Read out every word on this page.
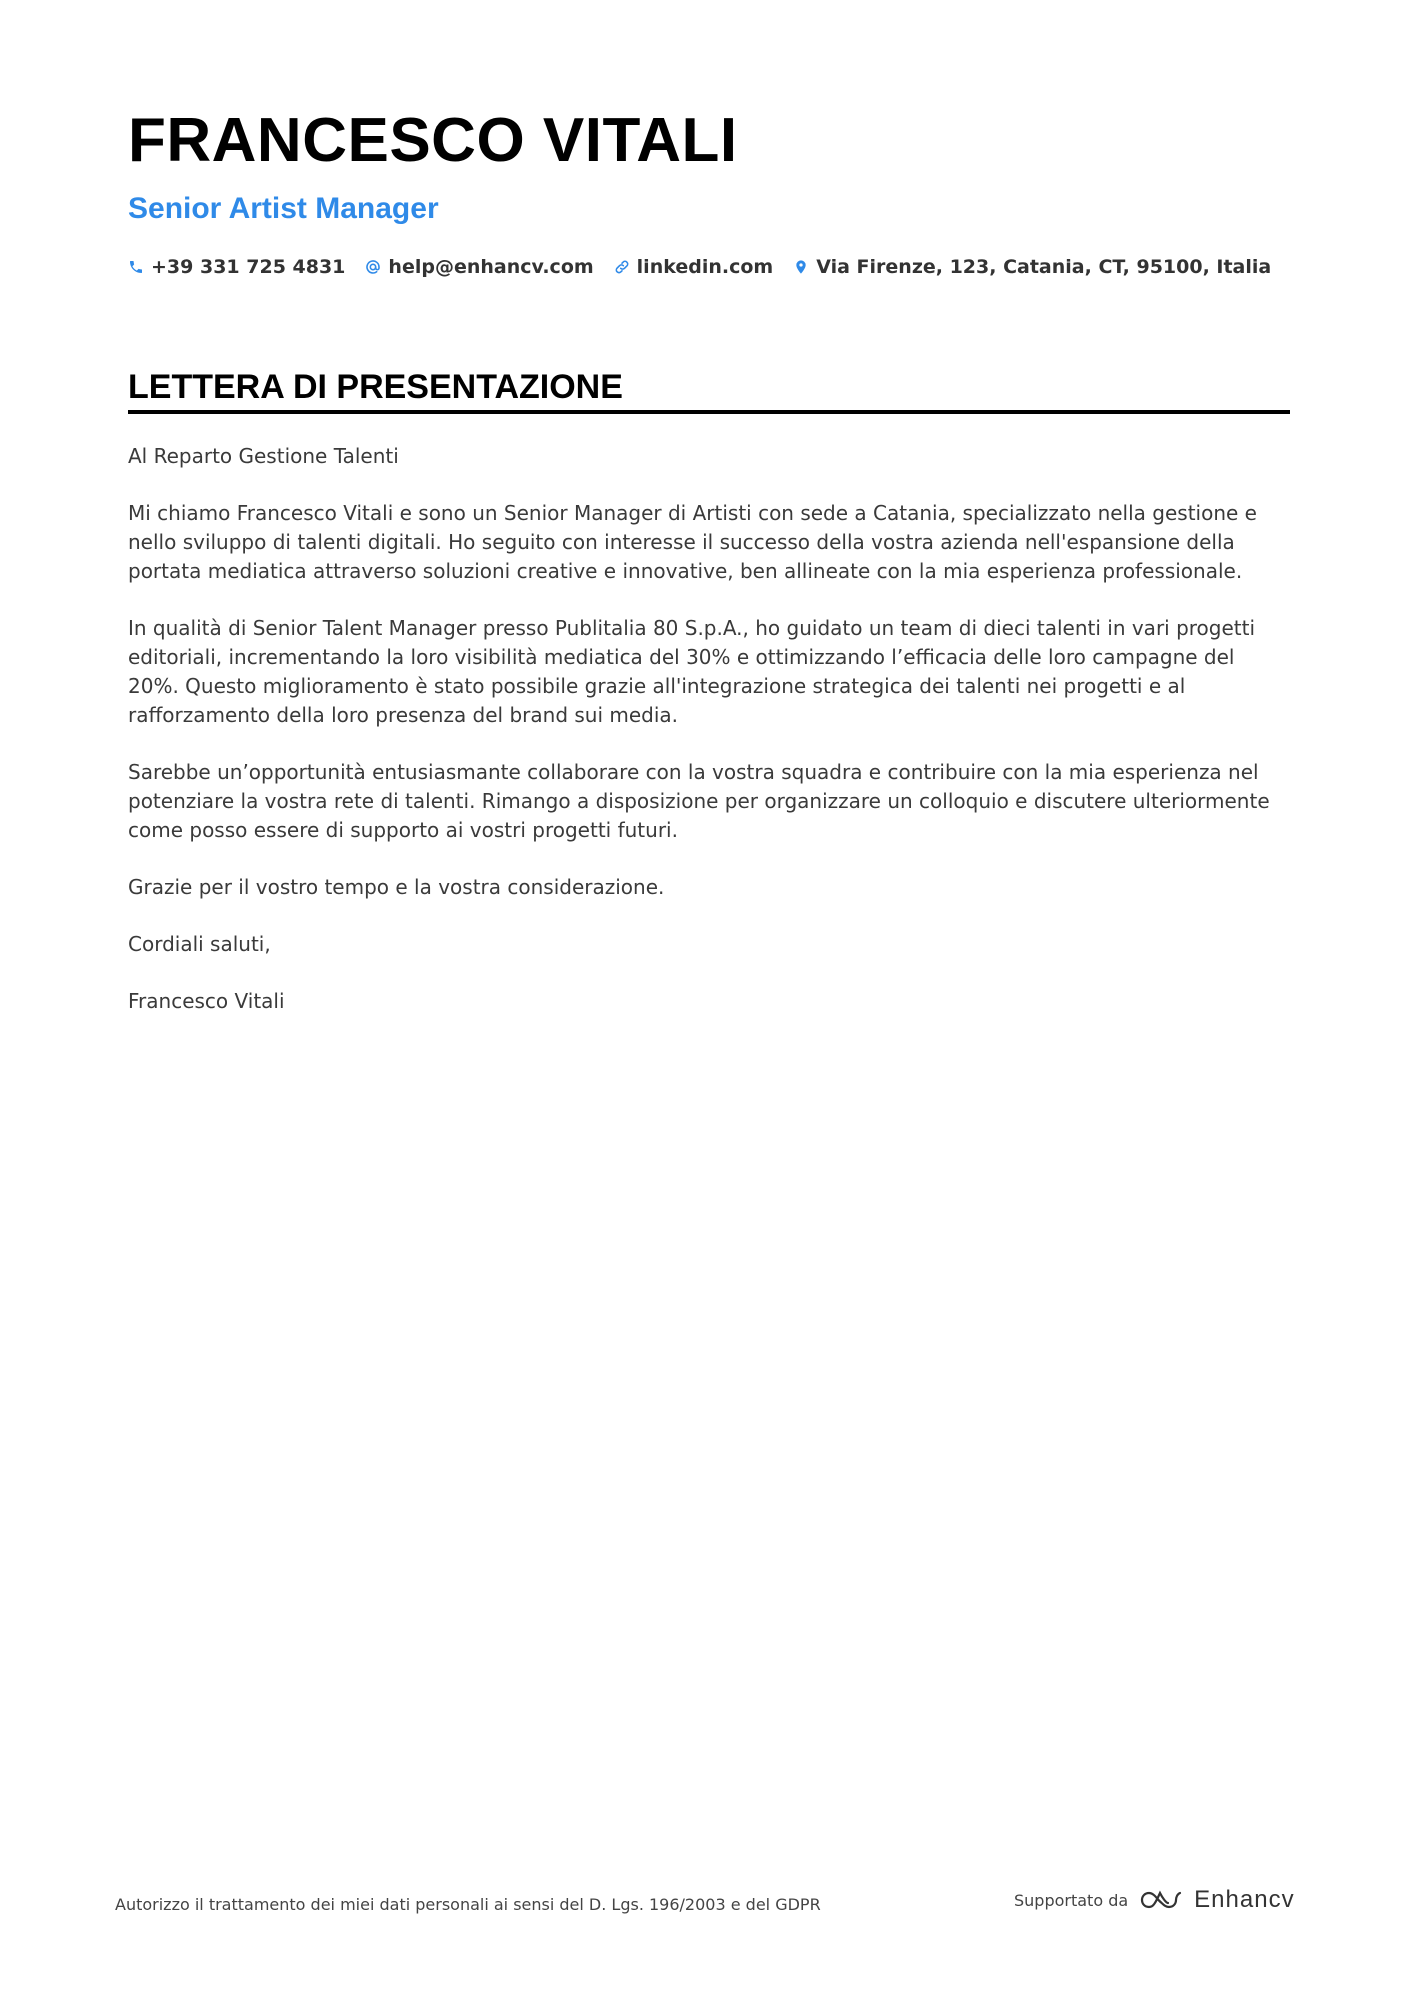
FRANCESCO VITALI
Senior Artist Manager
+39 331 725 4831 help@enhancv.com linkedin.com Via Firenze, 123, Catania, CT, 95100, Italia
LETTERA DI PRESENTAZIONE

Al Reparto Gestione Talenti

Mi chiamo Francesco Vitali e sono un Senior Manager di Artisti con sede a Catania, specializzato nella gestione e nello sviluppo di talenti digitali. Ho seguito con interesse il successo della vostra azienda nell'espansione della portata mediatica attraverso soluzioni creative e innovative, ben allineate con la mia esperienza professionale.

In qualità di Senior Talent Manager presso Publitalia 80 S.p.A., ho guidato un team di dieci talenti in vari progetti editoriali, incrementando la loro visibilità mediatica del 30% e ottimizzando l’efficacia delle loro campagne del 20%. Questo miglioramento è stato possibile grazie all'integrazione strategica dei talenti nei progetti e al rafforzamento della loro presenza del brand sui media.

Sarebbe un’opportunità entusiasmante collaborare con la vostra squadra e contribuire con la mia esperienza nel potenziare la vostra rete di talenti. Rimango a disposizione per organizzare un colloquio e discutere ulteriormente come posso essere di supporto ai vostri progetti futuri.

Grazie per il vostro tempo e la vostra considerazione.

Cordiali saluti,

Francesco Vitali

Autorizzo il trattamento dei miei dati personali ai sensi del D. Lgs. 196/2003 e del GDPR	Supportato da	Enhancv
